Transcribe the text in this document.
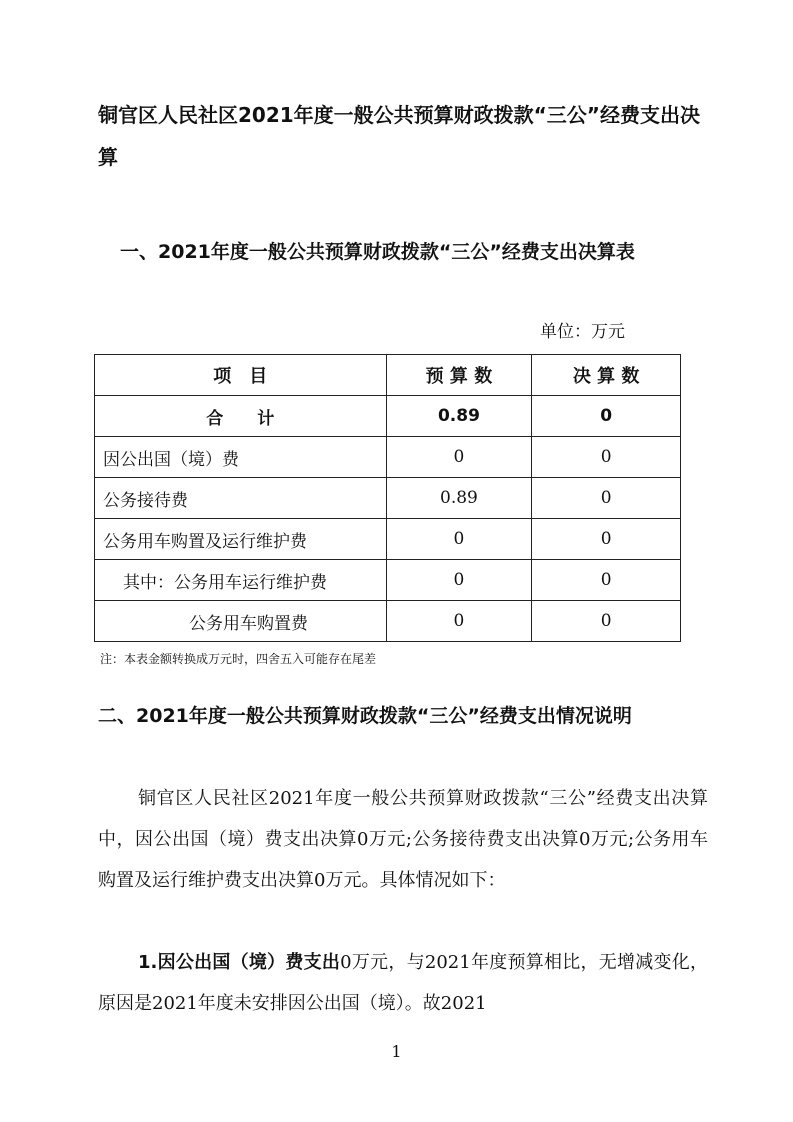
铜官区人民社区2021年度一般公共预算财政拨款“三公”经费支出决算
一、2021年度一般公共预算财政拨款“三公”经费支出决算表
单位：万元
项　目	预 算 数	决 算 数
合　　计	0.89	0
因公出国（境）费	0	0
公务接待费	0.89	0
公务用车购置及运行维护费	0	0
其中：公务用车运行维护费	0	0
公务用车购置费	0	0
注：本表金额转换成万元时，四舍五入可能存在尾差
二、2021年度一般公共预算财政拨款“三公”经费支出情况说明

铜官区人民社区2021年度一般公共预算财政拨款“三公”经费支出决算中，因公出国（境）费支出决算0万元;公务接待费支出决算0万元;公务用车购置及运行维护费支出决算0万元。具体情况如下：

1.因公出国（境）费支出0万元，与2021年度预算相比，无增减变化，原因是2021年度未安排因公出国（境）。故2021

1
